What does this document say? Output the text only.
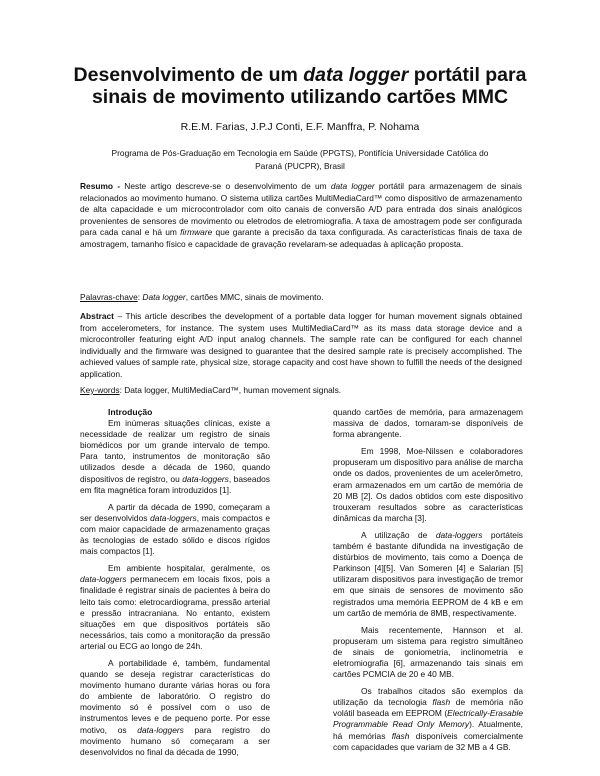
Desenvolvimento de um data logger portátil para
sinais de movimento utilizando cartões MMC
R.E.M. Farias, J.P.J Conti, E.F. Manffra, P. Nohama
Programa de Pós-Graduação em Tecnologia em Saúde (PPGTS), Pontifícia Universidade Católica do
Paraná (PUCPR), Brasil
Resumo - Neste artigo descreve-se o desenvolvimento de um data logger portátil para armazenagem de sinais relacionados ao movimento humano. O sistema utiliza cartões MultiMediaCard™ como dispositivo de armazenamento de alta capacidade e um microcontrolador com oito canais de conversão A/D para entrada dos sinais analógicos provenientes de sensores de movimento ou eletrodos de eletromiografia. A taxa de amostragem pode ser configurada para cada canal e há um firmware que garante a precisão da taxa configurada. As características finais de taxa de amostragem, tamanho físico e capacidade de gravação revelaram-se adequadas à aplicação proposta.
Palavras-chave: Data logger, cartões MMC, sinais de movimento.
Abstract – This article describes the development of a portable data logger for human movement signals obtained from accelerometers, for instance. The system uses MultiMediaCard™ as its mass data storage device and a microcontroller featuring eight A/D input analog channels. The sample rate can be configured for each channel individually and the firmware was designed to guarantee that the desired sample rate is precisely accomplished. The achieved values of sample rate, physical size, storage capacity and cost have shown to fulfill the needs of the designed application.
Key-words: Data logger, MultiMediaCard™, human movement signals.

Introdução

Em inúmeras situações clínicas, existe a necessidade de realizar um registro de sinais biomédicos por um grande intervalo de tempo. Para tanto, instrumentos de monitoração são utilizados desde a década de 1960, quando dispositivos de registro, ou data-loggers, baseados em fita magnética foram introduzidos [1].

A partir da década de 1990, começaram a ser desenvolvidos data-loggers, mais compactos e com maior capacidade de armazenamento graças às tecnologias de estado sólido e discos rígidos mais compactos [1].

Em ambiente hospitalar, geralmente, os data-loggers permanecem em locais fixos, pois a finalidade é registrar sinais de pacientes à beira do leito tais como: eletrocardiograma, pressão arterial e pressão intracraniana. No entanto, existem situações em que dispositivos portáteis são necessários, tais como a monitoração da pressão arterial ou ECG ao longo de 24h.

A portabilidade é, também, fundamental quando se deseja registrar características do movimento humano durante várias horas ou fora do ambiente de laboratório. O registro do movimento só é possível com o uso de instrumentos leves e de pequeno porte. Por esse motivo, os data-loggers para registro do movimento humano só começaram a ser desenvolvidos no final da década de 1990,

quando cartões de memória, para armazenagem massiva de dados, tornaram-se disponíveis de forma abrangente.

Em 1998, Moe-Nilssen e colaboradores propuseram um dispositivo para análise de marcha onde os dados, provenientes de um acelerômetro, eram armazenados em um cartão de memória de 20 MB [2]. Os dados obtidos com este dispositivo trouxeram resultados sobre as características dinâmicas da marcha [3].

A utilização de data-loggers portáteis também é bastante difundida na investigação de distúrbios de movimento, tais como a Doença de Parkinson [4][5]. Van Someren [4] e Salarian [5] utilizaram dispositivos para investigação de tremor em que sinais de sensores de movimento são registrados uma memória EEPROM de 4 kB e em um cartão de memória de 8MB, respectivamente.

Mais recentemente, Hannson et al. propuseram um sistema para registro simultâneo de sinais de goniometria, inclinometria e eletromiografia [6], armazenando tais sinais em cartões PCMCIA de 20 e 40 MB.

Os trabalhos citados são exemplos da utilização da tecnologia flash de memória não volátil baseada em EEPROM (Electrically-Erasable Programmable Read Only Memory). Atualmente, há memórias flash disponíveis comercialmente com capacidades que variam de 32 MB a 4 GB.
